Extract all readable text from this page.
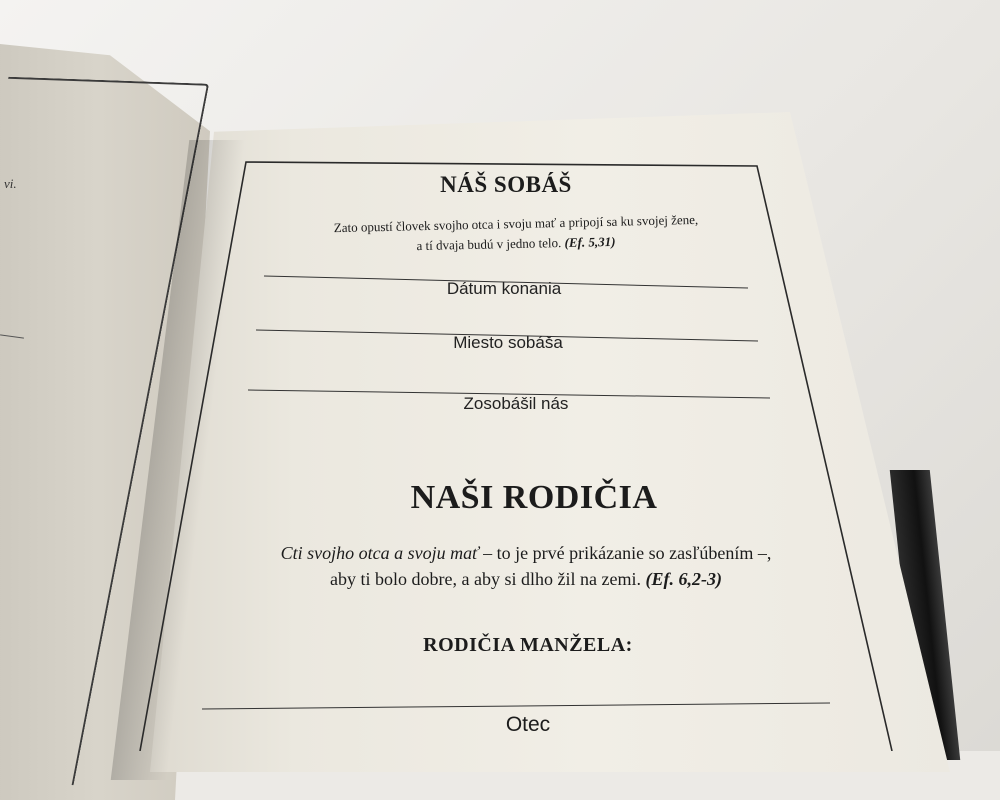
vi.	NÁŠ SOBÁŠ
Zato opustí človek svojho otca i svoju mať a pripojí sa ku svojej žene,
a tí dvaja budú v jedno telo. (Ef. 5,31)
Dátum konania
Miesto sobáša
Zosobášil nás
NAŠI RODIČIA
Cti svojho otca a svoju mať – to je prvé prikázanie so zasľúbením –,
aby ti bolo dobre, a aby si dlho žil na zemi. (Ef. 6,2-3)
RODIČIA MANŽELA:
Otec
